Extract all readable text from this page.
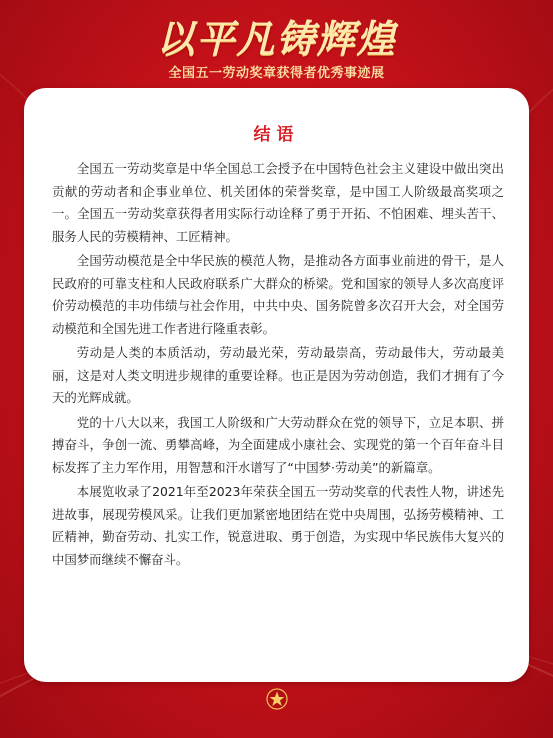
以平凡铸辉煌
全国五一劳动奖章获得者优秀事迹展
结语

全国五一劳动奖章是中华全国总工会授予在中国特色社会主义建设中做出突出贡献的劳动者和企事业单位、机关团体的荣誉奖章，是中国工人阶级最高奖项之一。全国五一劳动奖章获得者用实际行动诠释了勇于开拓、不怕困难、埋头苦干、服务人民的劳模精神、工匠精神。

全国劳动模范是全中华民族的模范人物，是推动各方面事业前进的骨干，是人民政府的可靠支柱和人民政府联系广大群众的桥梁。党和国家的领导人多次高度评价劳动模范的丰功伟绩与社会作用，中共中央、国务院曾多次召开大会，对全国劳动模范和全国先进工作者进行隆重表彰。

劳动是人类的本质活动，劳动最光荣，劳动最崇高，劳动最伟大，劳动最美丽，这是对人类文明进步规律的重要诠释。也正是因为劳动创造，我们才拥有了今天的光辉成就。

党的十八大以来，我国工人阶级和广大劳动群众在党的领导下，立足本职、拼搏奋斗，争创一流、勇攀高峰，为全面建成小康社会、实现党的第一个百年奋斗目标发挥了主力军作用，用智慧和汗水谱写了“中国梦·劳动美”的新篇章。

本展览收录了2021年至2023年荣获全国五一劳动奖章的代表性人物，讲述先进故事，展现劳模风采。让我们更加紧密地团结在党中央周围，弘扬劳模精神、工匠精神，勤奋劳动、扎实工作，锐意进取、勇于创造，为实现中华民族伟大复兴的中国梦而继续不懈奋斗。
